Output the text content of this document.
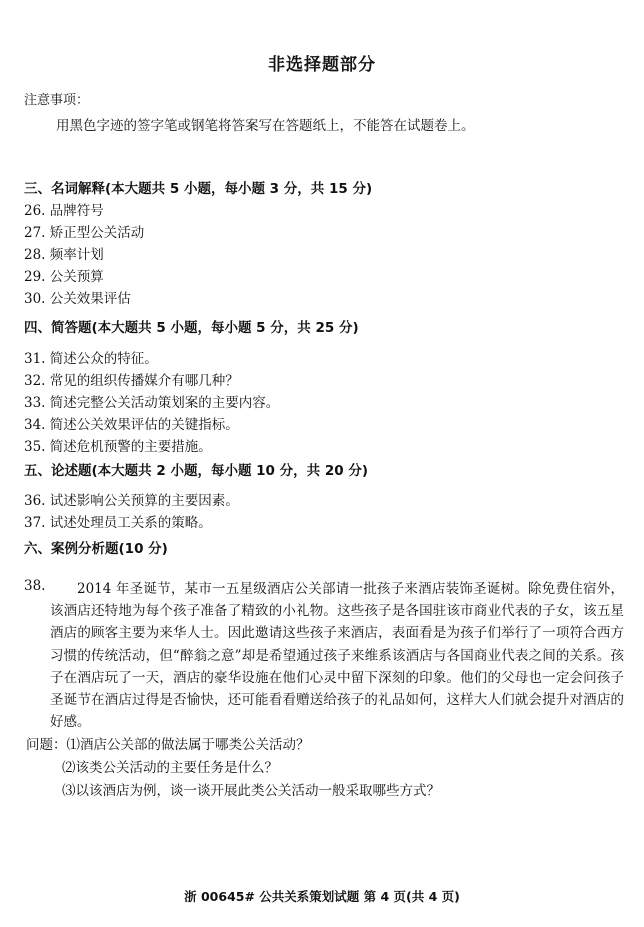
非选择题部分
注意事项：
用黑色字迹的签字笔或钢笔将答案写在答题纸上，不能答在试题卷上。
三、名词解释(本大题共 5 小题，每小题 3 分，共 15 分)
26. 品牌符号
27. 矫正型公关活动
28. 频率计划
29. 公关预算
30. 公关效果评估
四、简答题(本大题共 5 小题，每小题 5 分，共 25 分)
31. 简述公众的特征。
32. 常见的组织传播媒介有哪几种？
33. 简述完整公关活动策划案的主要内容。
34. 简述公关效果评估的关键指标。
35. 简述危机预警的主要措施。
五、论述题(本大题共 2 小题，每小题 10 分，共 20 分)
36. 试述影响公关预算的主要因素。
37. 试述处理员工关系的策略。
六、案例分析题(10 分)
38.	2014 年圣诞节，某市一五星级酒店公关部请一批孩子来酒店装饰圣诞树。除免费住宿外，该酒店还特地为每个孩子准备了精致的小礼物。这些孩子是各国驻该市商业代表的子女，该五星酒店的顾客主要为来华人士。因此邀请这些孩子来酒店，表面看是为孩子们举行了一项符合西方习惯的传统活动，但“醉翁之意”却是希望通过孩子来维系该酒店与各国商业代表之间的关系。孩子在酒店玩了一天，酒店的豪华设施在他们心灵中留下深刻的印象。他们的父母也一定会问孩子圣诞节在酒店过得是否愉快，还可能看看赠送给孩子的礼品如何，这样大人们就会提升对酒店的好感。
问题：⑴酒店公关部的做法属于哪类公关活动？
⑵该类公关活动的主要任务是什么？
⑶以该酒店为例，谈一谈开展此类公关活动一般采取哪些方式？
浙 00645# 公共关系策划试题 第 4 页(共 4 页)
